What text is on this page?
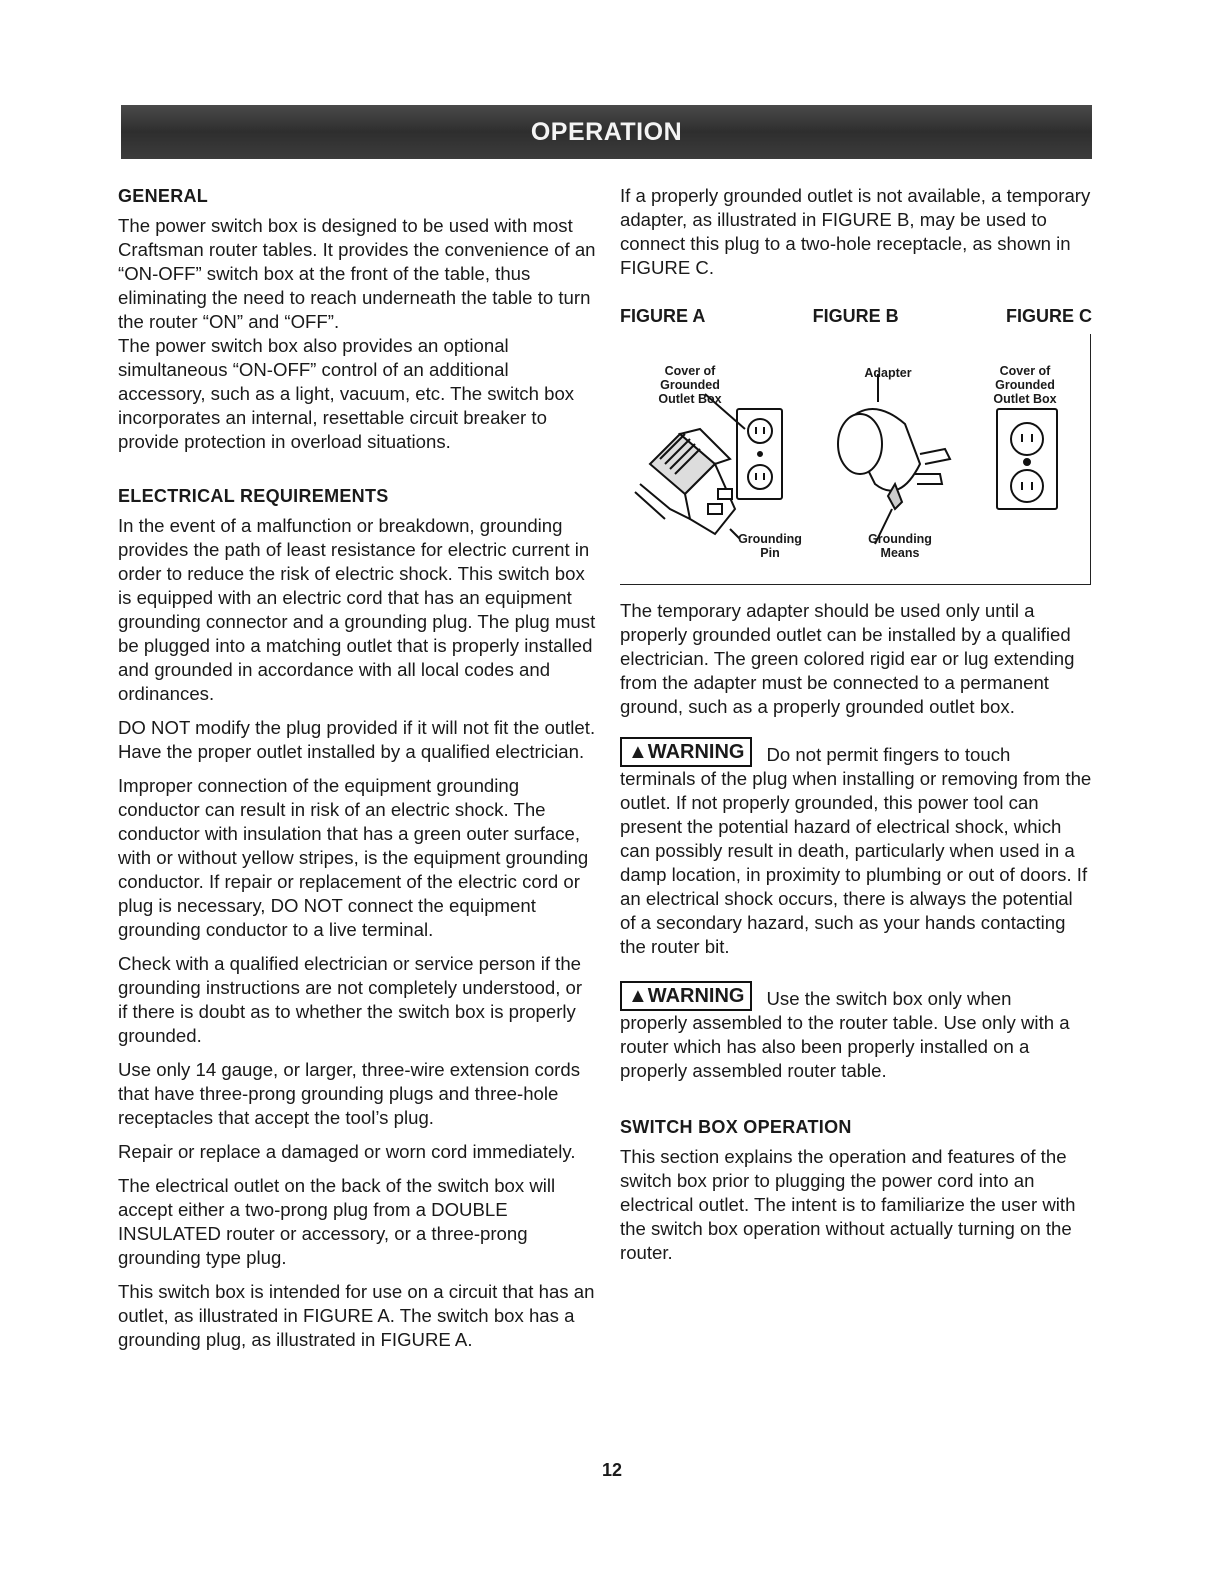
OPERATION
GENERAL

The power switch box is designed to be used with most Craftsman router tables. It provides the convenience of an “ON-OFF” switch box at the front of the table, thus eliminating the need to reach underneath the table to turn the router “ON” and “OFF”.

The power switch box also provides an optional simultaneous “ON-OFF” control of an additional accessory, such as a light, vacuum, etc. The switch box incorporates an internal, resettable circuit breaker to provide protection in overload situations.

ELECTRICAL REQUIREMENTS

In the event of a malfunction or breakdown, grounding provides the path of least resistance for electric current in order to reduce the risk of electric shock. This switch box is equipped with an electric cord that has an equipment grounding connector and a grounding plug. The plug must be plugged into a matching outlet that is properly installed and grounded in accordance with all local codes and ordinances.

DO NOT modify the plug provided if it will not fit the outlet. Have the proper outlet installed by a qualified electrician.

Improper connection of the equipment grounding conductor can result in risk of an electric shock. The conductor with insulation that has a green outer surface, with or without yellow stripes, is the equipment grounding conductor. If repair or replacement of the electric cord or plug is necessary, DO NOT connect the equipment grounding conductor to a live terminal.

Check with a qualified electrician or service person if the grounding instructions are not completely understood, or if there is doubt as to whether the switch box is properly grounded.

Use only 14 gauge, or larger, three-wire extension cords that have three-prong grounding plugs and three-hole receptacles that accept the tool’s plug.

Repair or replace a damaged or worn cord immediately.

The electrical outlet on the back of the switch box will accept either a two-prong plug from a DOUBLE INSULATED router or accessory, or a three-prong grounding type plug.

This switch box is intended for use on a circuit that has an outlet, as illustrated in FIGURE A. The switch box has a grounding plug, as illustrated in FIGURE A.

If a properly grounded outlet is not available, a temporary adapter, as illustrated in FIGURE B, may be used to connect this plug to a two-hole receptacle, as shown in FIGURE C.

FIGURE A	FIGURE B	FIGURE C
Cover of Grounded Outlet Box
Adapter	Cover of Grounded Outlet Box
Grounding Pin
Grounding Means

The temporary adapter should be used only until a properly grounded outlet can be installed by a qualified electrician. The green colored rigid ear or lug extending from the adapter must be connected to a permanent ground, such as a properly grounded outlet box.

▲WARNING Do not permit fingers to touch

terminals of the plug when installing or removing from the outlet. If not properly grounded, this power tool can present the potential hazard of electrical shock, which can possibly result in death, particularly when used in a damp location, in proximity to plumbing or out of doors. If an electrical shock occurs, there is always the potential of a secondary hazard, such as your hands contacting the router bit.

▲WARNING Use the switch box only when

properly assembled to the router table. Use only with a router which has also been properly installed on a properly assembled router table.

SWITCH BOX OPERATION

This section explains the operation and features of the switch box prior to plugging the power cord into an electrical outlet. The intent is to familiarize the user with the switch box operation without actually turning on the router.

12
